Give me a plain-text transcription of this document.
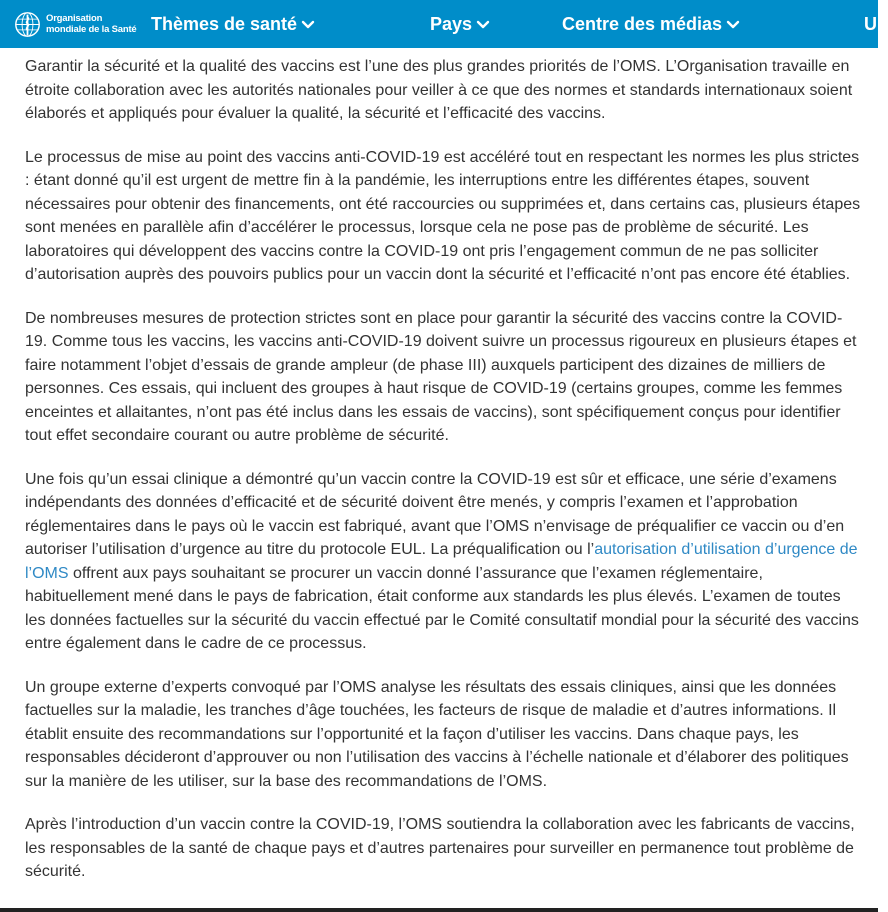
Organisation
mondiale de la Santé Thèmes de santé	Pays	Centre des médias	Un

Garantir la sécurité et la qualité des vaccins est l’une des plus grandes priorités de l’OMS. L’Organisation travaille en étroite collaboration avec les autorités nationales pour veiller à ce que des normes et standards internationaux soient élaborés et appliqués pour évaluer la qualité, la sécurité et l’efficacité des vaccins.

Le processus de mise au point des vaccins anti-COVID-19 est accéléré tout en respectant les normes les plus strictes : étant donné qu’il est urgent de mettre fin à la pandémie, les interruptions entre les différentes étapes, souvent nécessaires pour obtenir des financements, ont été raccourcies ou supprimées et, dans certains cas, plusieurs étapes sont menées en parallèle afin d’accélérer le processus, lorsque cela ne pose pas de problème de sécurité. Les laboratoires qui développent des vaccins contre la COVID-19 ont pris l’engagement commun de ne pas solliciter d’autorisation auprès des pouvoirs publics pour un vaccin dont la sécurité et l’efficacité n’ont pas encore été établies.

De nombreuses mesures de protection strictes sont en place pour garantir la sécurité des vaccins contre la COVID-19. Comme tous les vaccins, les vaccins anti-COVID-19 doivent suivre un processus rigoureux en plusieurs étapes et faire notamment l’objet d’essais de grande ampleur (de phase III) auxquels participent des dizaines de milliers de personnes. Ces essais, qui incluent des groupes à haut risque de COVID-19 (certains groupes, comme les femmes enceintes et allaitantes, n’ont pas été inclus dans les essais de vaccins), sont spécifiquement conçus pour identifier tout effet secondaire courant ou autre problème de sécurité.

Une fois qu’un essai clinique a démontré qu’un vaccin contre la COVID-19 est sûr et efficace, une série d’examens indépendants des données d’efficacité et de sécurité doivent être menés, y compris l’examen et l’approbation réglementaires dans le pays où le vaccin est fabriqué, avant que l’OMS n’envisage de préqualifier ce vaccin ou d’en autoriser l’utilisation d’urgence au titre du protocole EUL. La préqualification ou l’autorisation d’utilisation d’urgence de l’OMS offrent aux pays souhaitant se procurer un vaccin donné l’assurance que l’examen réglementaire, habituellement mené dans le pays de fabrication, était conforme aux standards les plus élevés. L’examen de toutes les données factuelles sur la sécurité du vaccin effectué par le Comité consultatif mondial pour la sécurité des vaccins entre également dans le cadre de ce processus.

Un groupe externe d’experts convoqué par l’OMS analyse les résultats des essais cliniques, ainsi que les données factuelles sur la maladie, les tranches d’âge touchées, les facteurs de risque de maladie et d’autres informations. Il établit ensuite des recommandations sur l’opportunité et la façon d’utiliser les vaccins. Dans chaque pays, les responsables décideront d’approuver ou non l’utilisation des vaccins à l’échelle nationale et d’élaborer des politiques sur la manière de les utiliser, sur la base des recommandations de l’OMS.

Après l’introduction d’un vaccin contre la COVID-19, l’OMS soutiendra la collaboration avec les fabricants de vaccins, les responsables de la santé de chaque pays et d’autres partenaires pour surveiller en permanence tout problème de sécurité.
